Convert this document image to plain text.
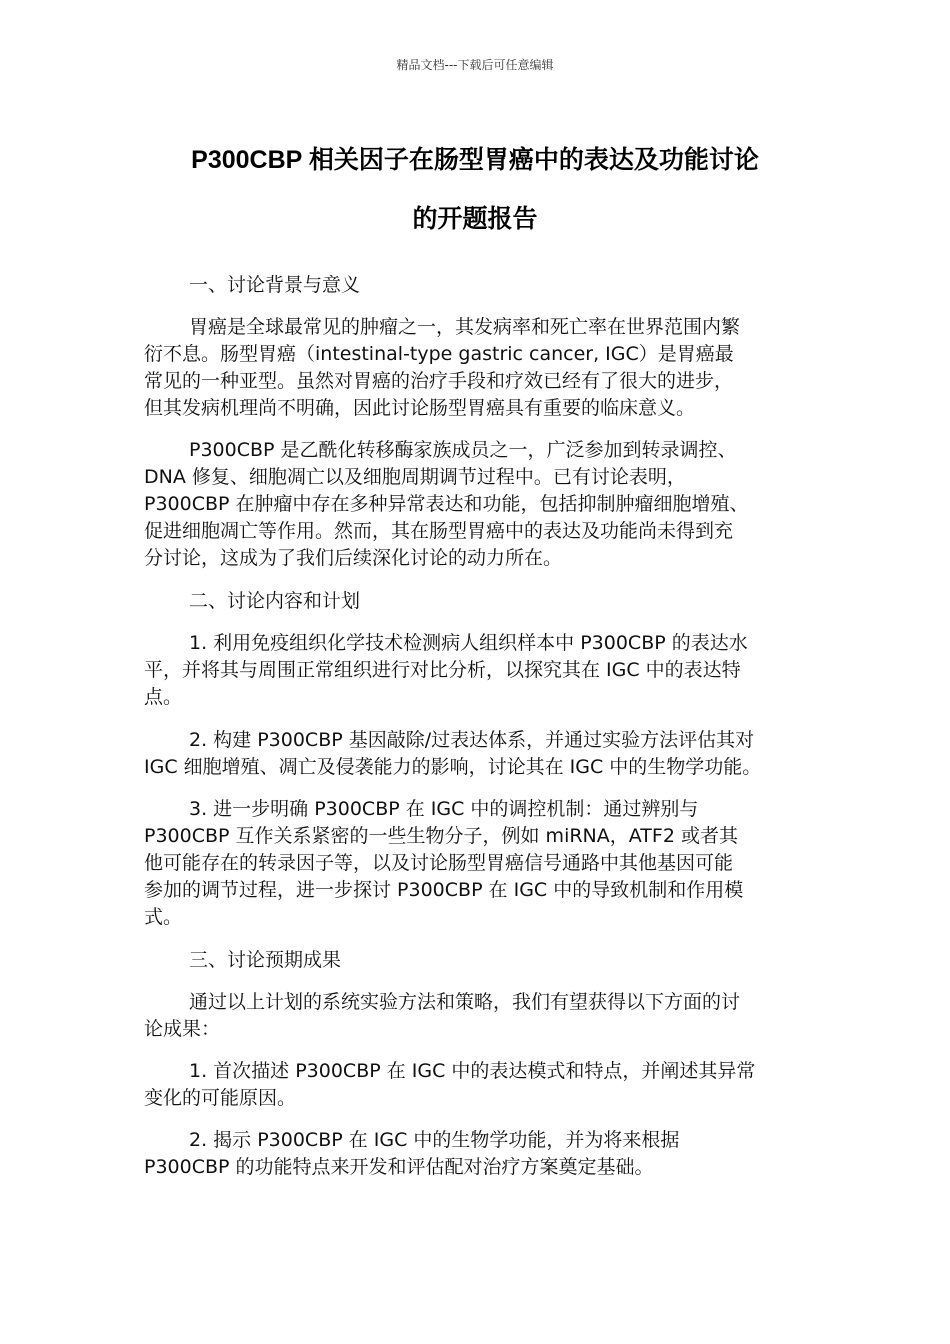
精品文档---下载后可任意编辑
P300CBP 相关因子在肠型胃癌中的表达及功能讨论
的开题报告
一、讨论背景与意义
胃癌是全球最常见的肿瘤之一，其发病率和死亡率在世界范围内繁
衍不息。肠型胃癌（intestinal-type gastric cancer, IGC）是胃癌最
常见的一种亚型。虽然对胃癌的治疗手段和疗效已经有了很大的进步，
但其发病机理尚不明确，因此讨论肠型胃癌具有重要的临床意义。
P300CBP 是乙酰化转移酶家族成员之一，广泛参加到转录调控、
DNA 修复、细胞凋亡以及细胞周期调节过程中。已有讨论表明，
P300CBP 在肿瘤中存在多种异常表达和功能，包括抑制肿瘤细胞增殖、
促进细胞凋亡等作用。然而，其在肠型胃癌中的表达及功能尚未得到充
分讨论，这成为了我们后续深化讨论的动力所在。
二、讨论内容和计划
1. 利用免疫组织化学技术检测病人组织样本中 P300CBP 的表达水
平，并将其与周围正常组织进行对比分析，以探究其在 IGC 中的表达特
点。
2. 构建 P300CBP 基因敲除/过表达体系，并通过实验方法评估其对
IGC 细胞增殖、凋亡及侵袭能力的影响，讨论其在 IGC 中的生物学功能。
3. 进一步明确 P300CBP 在 IGC 中的调控机制：通过辨别与
P300CBP 互作关系紧密的一些生物分子，例如 miRNA，ATF2 或者其
他可能存在的转录因子等，以及讨论肠型胃癌信号通路中其他基因可能
参加的调节过程，进一步探讨 P300CBP 在 IGC 中的导致机制和作用模
式。
三、讨论预期成果
通过以上计划的系统实验方法和策略，我们有望获得以下方面的讨
论成果：
1. 首次描述 P300CBP 在 IGC 中的表达模式和特点，并阐述其异常
变化的可能原因。
2. 揭示 P300CBP 在 IGC 中的生物学功能，并为将来根据
P300CBP 的功能特点来开发和评估配对治疗方案奠定基础。
